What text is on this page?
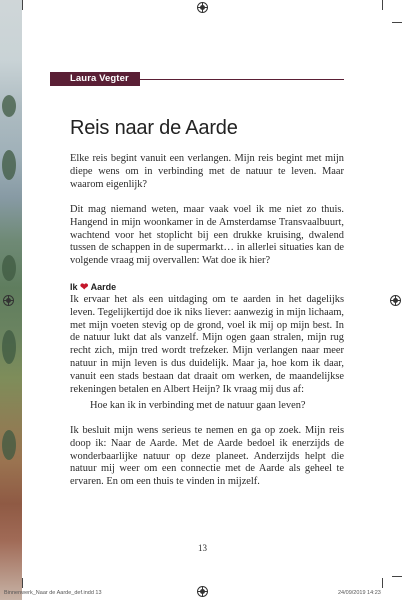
Laura Vegter
Reis naar de Aarde

Elke reis begint vanuit een verlangen. Mijn reis begint met mijn diepe wens om in verbinding met de natuur te leven. Maar waarom eigenlijk?

Dit mag niemand weten, maar vaak voel ik me niet zo thuis. Hangend in mijn woonkamer in de Amsterdamse Transvaalbuurt, wachtend voor het stoplicht bij een drukke kruising, dwalend tussen de schappen in de supermarkt… in allerlei situaties kan de volgende vraag mij overvallen: Wat doe ik hier?

Ik ❤ Aarde

Ik ervaar het als een uitdaging om te aarden in het dagelijks leven. Tegelijkertijd doe ik niks liever: aanwezig in mijn lichaam, met mijn voeten stevig op de grond, voel ik mij op mijn best. In de natuur lukt dat als vanzelf. Mijn ogen gaan stralen, mijn rug recht zich, mijn tred wordt trefzeker. Mijn verlangen naar meer natuur in mijn leven is dus duidelijk. Maar ja, hoe kom ik daar, vanuit een stads bestaan dat draait om werken, de maandelijkse rekeningen betalen en Albert Heijn? Ik vraag mij dus af:

Hoe kan ik in verbinding met de natuur gaan leven?

Ik besluit mijn wens serieus te nemen en ga op zoek. Mijn reis doop ik: Naar de Aarde. Met de Aarde bedoel ik enerzijds de wonderbaarlijke natuur op deze planeet. Anderzijds helpt die natuur mij weer om een connectie met de Aarde als geheel te ervaren. En om een thuis te vinden in mijzelf.

13
Binnenwerk_Naar de Aarde_def.indd 13	24/09/2019 14:23
